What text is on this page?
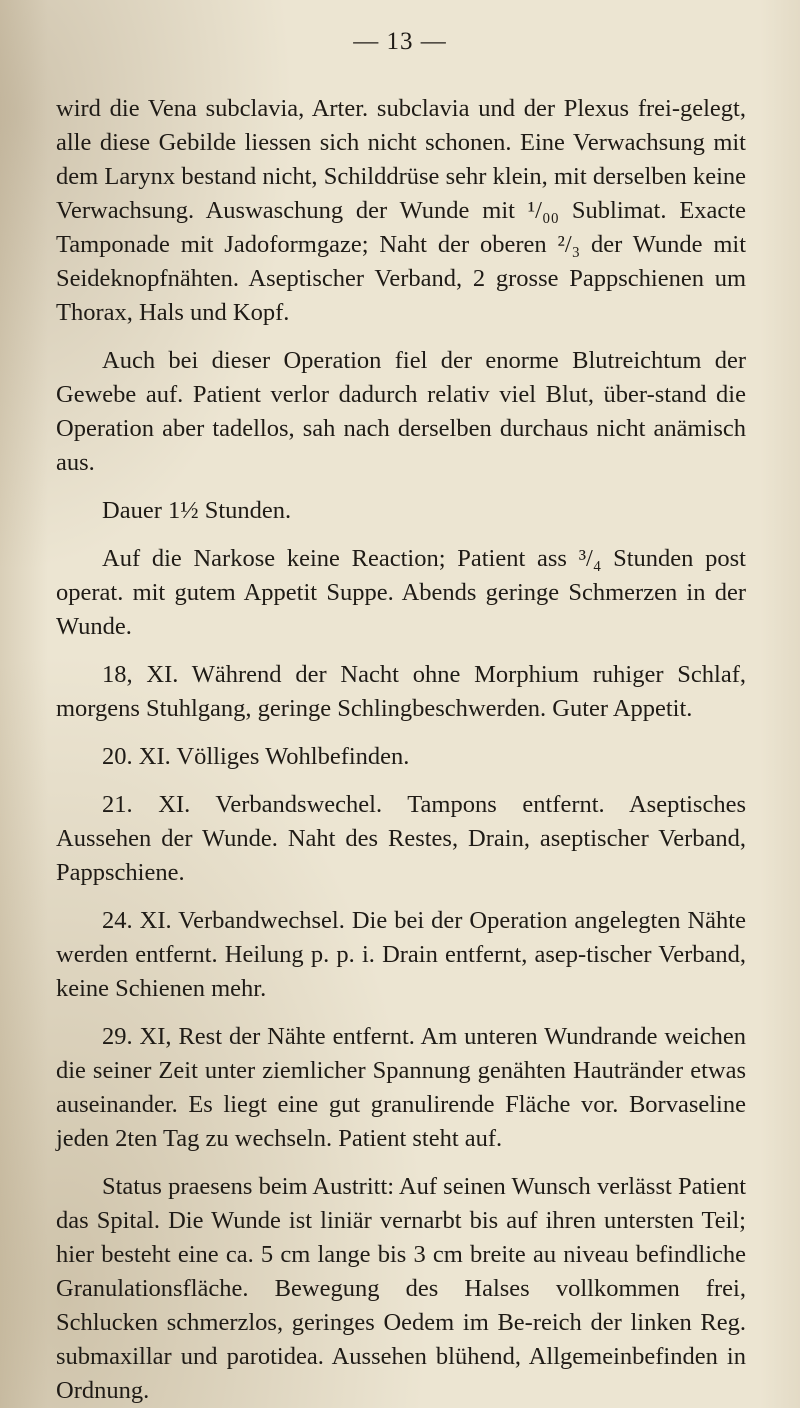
— 13 —

wird die Vena subclavia, Arter. subclavia und der Plexus frei-gelegt, alle diese Gebilde liessen sich nicht schonen. Eine Verwachsung mit dem Larynx bestand nicht, Schilddrüse sehr klein, mit derselben keine Verwachsung. Auswaschung der Wunde mit ¹/₀₀ Sublimat. Exacte Tamponade mit Jadoformgaze; Naht der oberen ²/₃ der Wunde mit Seideknopfnähten. Aseptischer Verband, 2 grosse Pappschienen um Thorax, Hals und Kopf.

Auch bei dieser Operation fiel der enorme Blutreichtum der Gewebe auf. Patient verlor dadurch relativ viel Blut, über-stand die Operation aber tadellos, sah nach derselben durchaus nicht anämisch aus.

Dauer 1½ Stunden.

Auf die Narkose keine Reaction; Patient ass ³/₄ Stunden post operat. mit gutem Appetit Suppe. Abends geringe Schmerzen in der Wunde.

18, XI. Während der Nacht ohne Morphium ruhiger Schlaf, morgens Stuhlgang, geringe Schlingbeschwerden. Guter Appetit.

20. XI. Völliges Wohlbefinden.

21. XI. Verbandswechel. Tampons entfernt. Aseptisches Aussehen der Wunde. Naht des Restes, Drain, aseptischer Verband, Pappschiene.

24. XI. Verbandwechsel. Die bei der Operation angelegten Nähte werden entfernt. Heilung p. p. i. Drain entfernt, asep-tischer Verband, keine Schienen mehr.

29. XI, Rest der Nähte entfernt. Am unteren Wundrande weichen die seiner Zeit unter ziemlicher Spannung genähten Hautränder etwas auseinander. Es liegt eine gut granulirende Fläche vor. Borvaseline jeden 2ten Tag zu wechseln. Patient steht auf.

Status praesens beim Austritt: Auf seinen Wunsch verlässt Patient das Spital. Die Wunde ist liniär vernarbt bis auf ihren untersten Teil; hier besteht eine ca. 5 cm lange bis 3 cm breite au niveau befindliche Granulationsfläche. Bewegung des Halses vollkommen frei, Schlucken schmerzlos, geringes Oedem im Be-reich der linken Reg. submaxillar und parotidea. Aussehen blühend, Allgemeinbefinden in Ordnung.
